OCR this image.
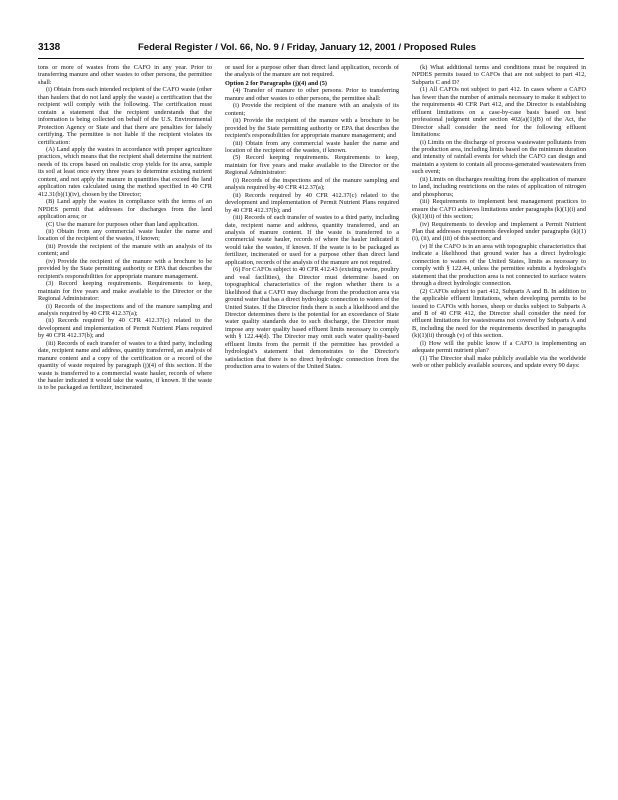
3138	Federal Register / Vol. 66, No. 9 / Friday, January 12, 2001 / Proposed Rules

tons or more of wastes from the CAFO in any year. Prior to transferring manure and other wastes to other persons, the permittee shall:

(i) Obtain from each intended recipient of the CAFO waste (other than haulers that do not land apply the waste) a certification that the recipient will comply with the following. The certification must contain a statement that the recipient understands that the information is being collected on behalf of the U.S. Environmental Protection Agency or State and that there are penalties for falsely certifying. The permittee is not liable if the recipient violates its certification:

(A) Land apply the wastes in accordance with proper agriculture practices, which means that the recipient shall determine the nutrient needs of its crops based on realistic crop yields for its area, sample its soil at least once every three years to determine existing nutrient content, and not apply the manure in quantities that exceed the land application rates calculated using the method specified in 40 CFR 412.31(b)(1)(iv), chosen by the Director;

(B) Land apply the wastes in compliance with the terms of an NPDES permit that addresses for discharges from the land application area; or

(C) Use the manure for purposes other than land application.

(ii) Obtain from any commercial waste hauler the name and location of the recipient of the wastes, if known;

(iii) Provide the recipient of the manure with an analysis of its content; and

(iv) Provide the recipient of the manure with a brochure to be provided by the State permitting authority or EPA that describes the recipient's responsibilities for appropriate manure management.

(3) Record keeping requirements. Requirements to keep, maintain for five years and make available to the Director or the Regional Administrator:

(i) Records of the inspections and of the manure sampling and analysis required by 40 CFR 412.37(a);

(ii) Records required by 40 CFR 412.37(c) related to the development and implementation of Permit Nutrient Plans required by 40 CFR 412.37(b); and

(iii) Records of each transfer of wastes to a third party, including date, recipient name and address, quantity transferred, an analysis of manure content and a copy of the certification or a record of the quantity of waste required by paragraph (j)(4) of this section. If the waste is transferred to a commercial waste hauler, records of where the hauler indicated it would take the wastes, if known. If the waste is to be packaged as fertilizer, incinerated

or used for a purpose other than direct land application, records of the analysis of the manure are not required.

Option 2 for Paragraphs (j)(4) and (5)

(4) Transfer of manure to other persons. Prior to transferring manure and other wastes to other persons, the permittee shall:

(i) Provide the recipient of the manure with an analysis of its content;

(ii) Provide the recipient of the manure with a brochure to be provided by the State permitting authority or EPA that describes the recipient's responsibilities for appropriate manure management; and

(iii) Obtain from any commercial waste hauler the name and location of the recipient of the wastes, if known.

(5) Record keeping requirements. Requirements to keep, maintain for five years and make available to the Director or the Regional Administrator:

(i) Records of the inspections and of the manure sampling and analysis required by 40 CFR 412.37(a);

(ii) Records required by 40 CFR 412.37(c) related to the development and implementation of Permit Nutrient Plans required by 40 CFR 412.37(b); and

(iii) Records of each transfer of wastes to a third party, including date, recipient name and address, quantity transferred, and an analysis of manure content. If the waste is transferred to a commercial waste hauler, records of where the hauler indicated it would take the wastes, if known. If the waste is to be packaged as fertilizer, incinerated or used for a purpose other than direct land application, records of the analysis of the manure are not required.

(6) For CAFOs subject to 40 CFR 412.43 (existing swine, poultry and veal facilities), the Director must determine based on topographical characteristics of the region whether there is a likelihood that a CAFO may discharge from the production area via ground water that has a direct hydrologic connection to waters of the United States. If the Director finds there is such a likelihood and the Director determines there is the potential for an exceedance of State water quality standards due to such discharge, the Director must impose any water quality based effluent limits necessary to comply with § 122.44(d). The Director may omit such water quality-based effluent limits from the permit if the permittee has provided a hydrologist's statement that demonstrates to the Director's satisfaction that there is no direct hydrologic connection from the production area to waters of the United States.

(k) What additional terms and conditions must be required in NPDES permits issued to CAFOs that are not subject to part 412, Subparts C and D?

(1) All CAFOs not subject to part 412. In cases where a CAFO has fewer than the number of animals necessary to make it subject to the requirements 40 CFR Part 412, and the Director is establishing effluent limitations on a case-by-case basis based on best professional judgment under section 402(a)(1)(B) of the Act, the Director shall consider the need for the following effluent limitations:

(i) Limits on the discharge of process wastewater pollutants from the production area, including limits based on the minimum duration and intensity of rainfall events for which the CAFO can design and maintain a system to contain all process-generated wastewaters from such event;

(ii) Limits on discharges resulting from the application of manure to land, including restrictions on the rates of application of nitrogen and phosphorus;

(iii) Requirements to implement best management practices to ensure the CAFO achieves limitations under paragraphs (k)(1)(i) and (k)(1)(ii) of this section;

(iv) Requirements to develop and implement a Permit Nutrient Plan that addresses requirements developed under paragraphs (k)(1)(i), (ii), and (iii) of this section; and

(v) If the CAFO is in an area with topographic characteristics that indicate a likelihood that ground water has a direct hydrologic connection to waters of the United States, limits as necessary to comply with § 122.44, unless the permittee submits a hydrologist's statement that the production area is not connected to surface waters through a direct hydrologic connection.

(2) CAFOs subject to part 412, Subparts A and B. In addition to the applicable effluent limitations, when developing permits to be issued to CAFOs with horses, sheep or ducks subject to Subparts A and B of 40 CFR 412, the Director shall consider the need for effluent limitations for wastestreams not covered by Subparts A and B, including the need for the requirements described in paragraphs (k)(1)(ii) through (v) of this section.

(l) How will the public know if a CAFO is implementing an adequate permit nutrient plan?

(1) The Director shall make publicly available via the worldwide web or other publicly available sources, and update every 90 days:
